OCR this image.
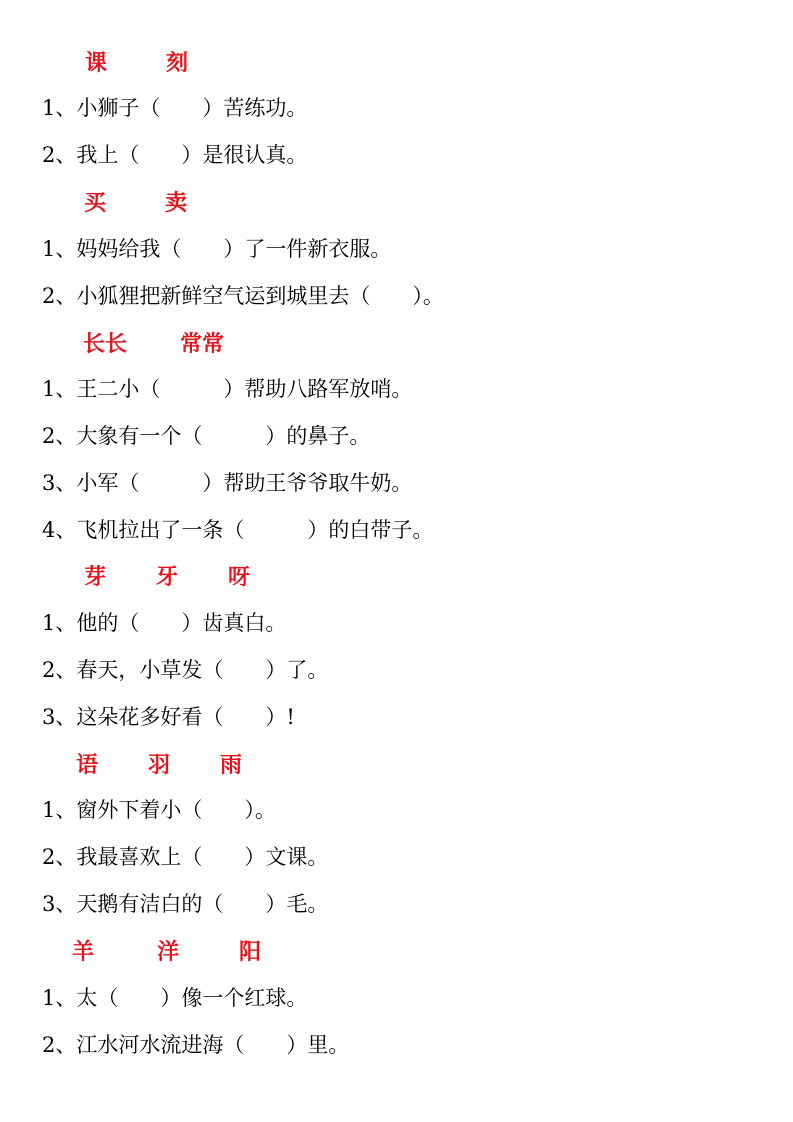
课	刻
1、小狮子（　　）苦练功。
2、我上（　　）是很认真。
买	卖
1、妈妈给我（　　）了一件新衣服。
2、小狐狸把新鲜空气运到城里去（　　）。
长长 常常
1、王二小（　　　）帮助八路军放哨。
2、大象有一个（　　　）的鼻子。
3、小军（　　　）帮助王爷爷取牛奶。
4、飞机拉出了一条（　　　）的白带子。
芽 牙 呀
1、他的（　　）齿真白。
2、春天，小草发（　　）了。
3、这朵花多好看（　　）!
语 羽 雨
1、窗外下着小（　　）。
2、我最喜欢上（　　）文课。
3、天鹅有洁白的（　　）毛。
羊	洋	阳
1、太（　　）像一个红球。
2、江水河水流进海（　　）里。
